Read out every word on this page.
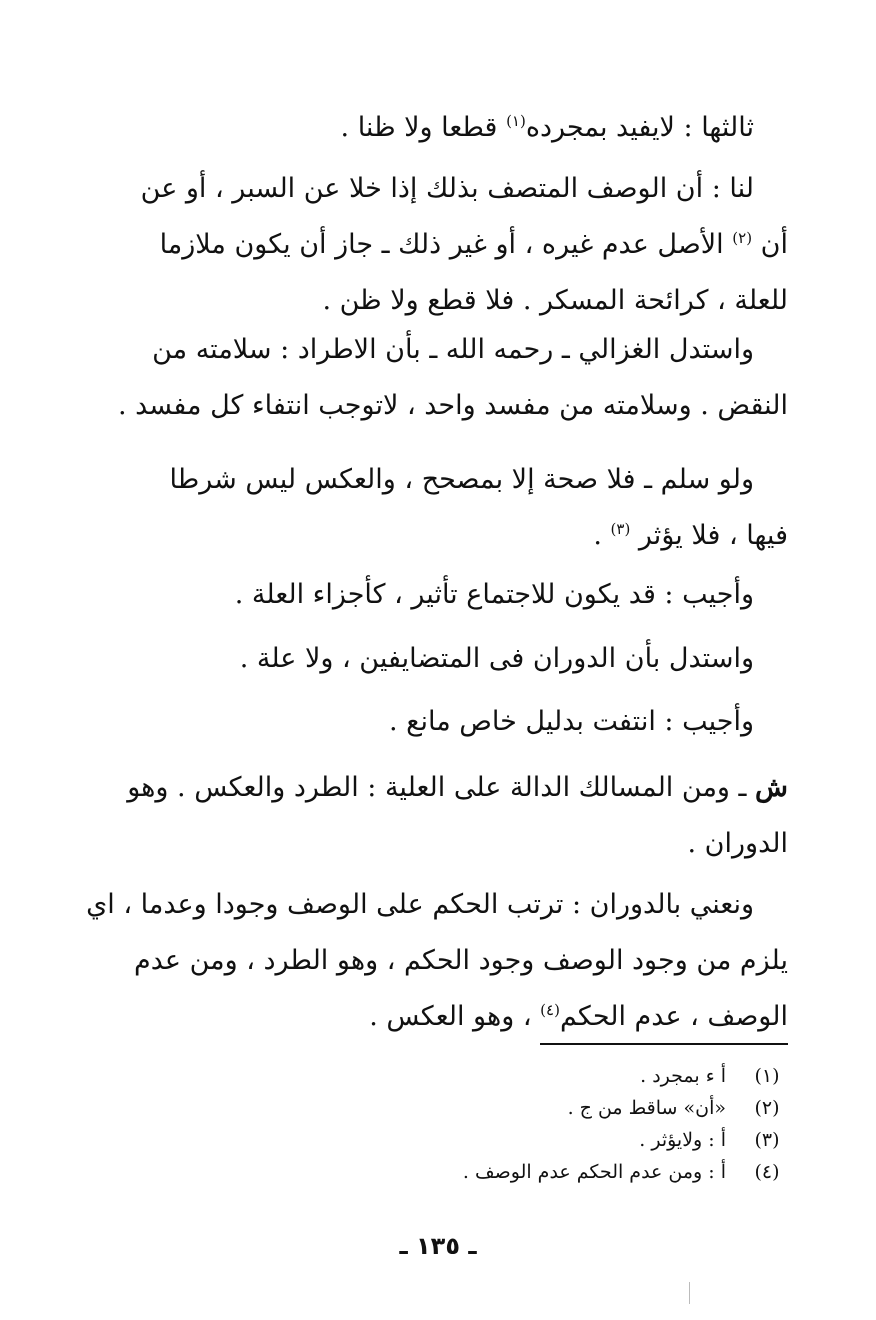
ثالثها : لايفيد بمجرده$^{(١)}$ قطعا ولا ظنا .
لنا : أن الوصف المتصف بذلك إذا خلا عن السبر ، أو عن
أن $^{(٢)}$ الأصل عدم غيره ، أو غير ذلك ـ جاز أن يكون ملازما
للعلة ، كرائحة المسكر . فلا قطع ولا ظن .
واستدل الغزالي ـ رحمه الله ـ بأن الاطراد : سلامته من
النقض . وسلامته من مفسد واحد ، لاتوجب انتفاء كل مفسد .
ولو سلم ـ فلا صحة إلا بمصحح ، والعكس ليس شرطا
فيها ، فلا يؤثر $^{(٣)}$ .
وأجيب : قد يكون للاجتماع تأثير ، كأجزاء العلة .
واستدل بأن الدوران فى المتضايفين ، ولا علة .
وأجيب : انتفت بدليل خاص مانع .
ش ـ ومن المسالك الدالة على العلية : الطرد والعكس . وهو
الدوران .
ونعني بالدوران : ترتب الحكم على الوصف وجودا وعدما ، اي
يلزم من وجود الوصف وجود الحكم ، وهو الطرد ، ومن عدم
الوصف ، عدم الحكم$^{(٤)}$ ، وهو العكس .
(١)
أ ء بمجرد .
(٢)
«أن» ساقط من ج .
(٣)
أ : ولايؤثر .
(٤)
أ : ومن عدم الحكم عدم الوصف .
ـ ١٣٥ ـ
